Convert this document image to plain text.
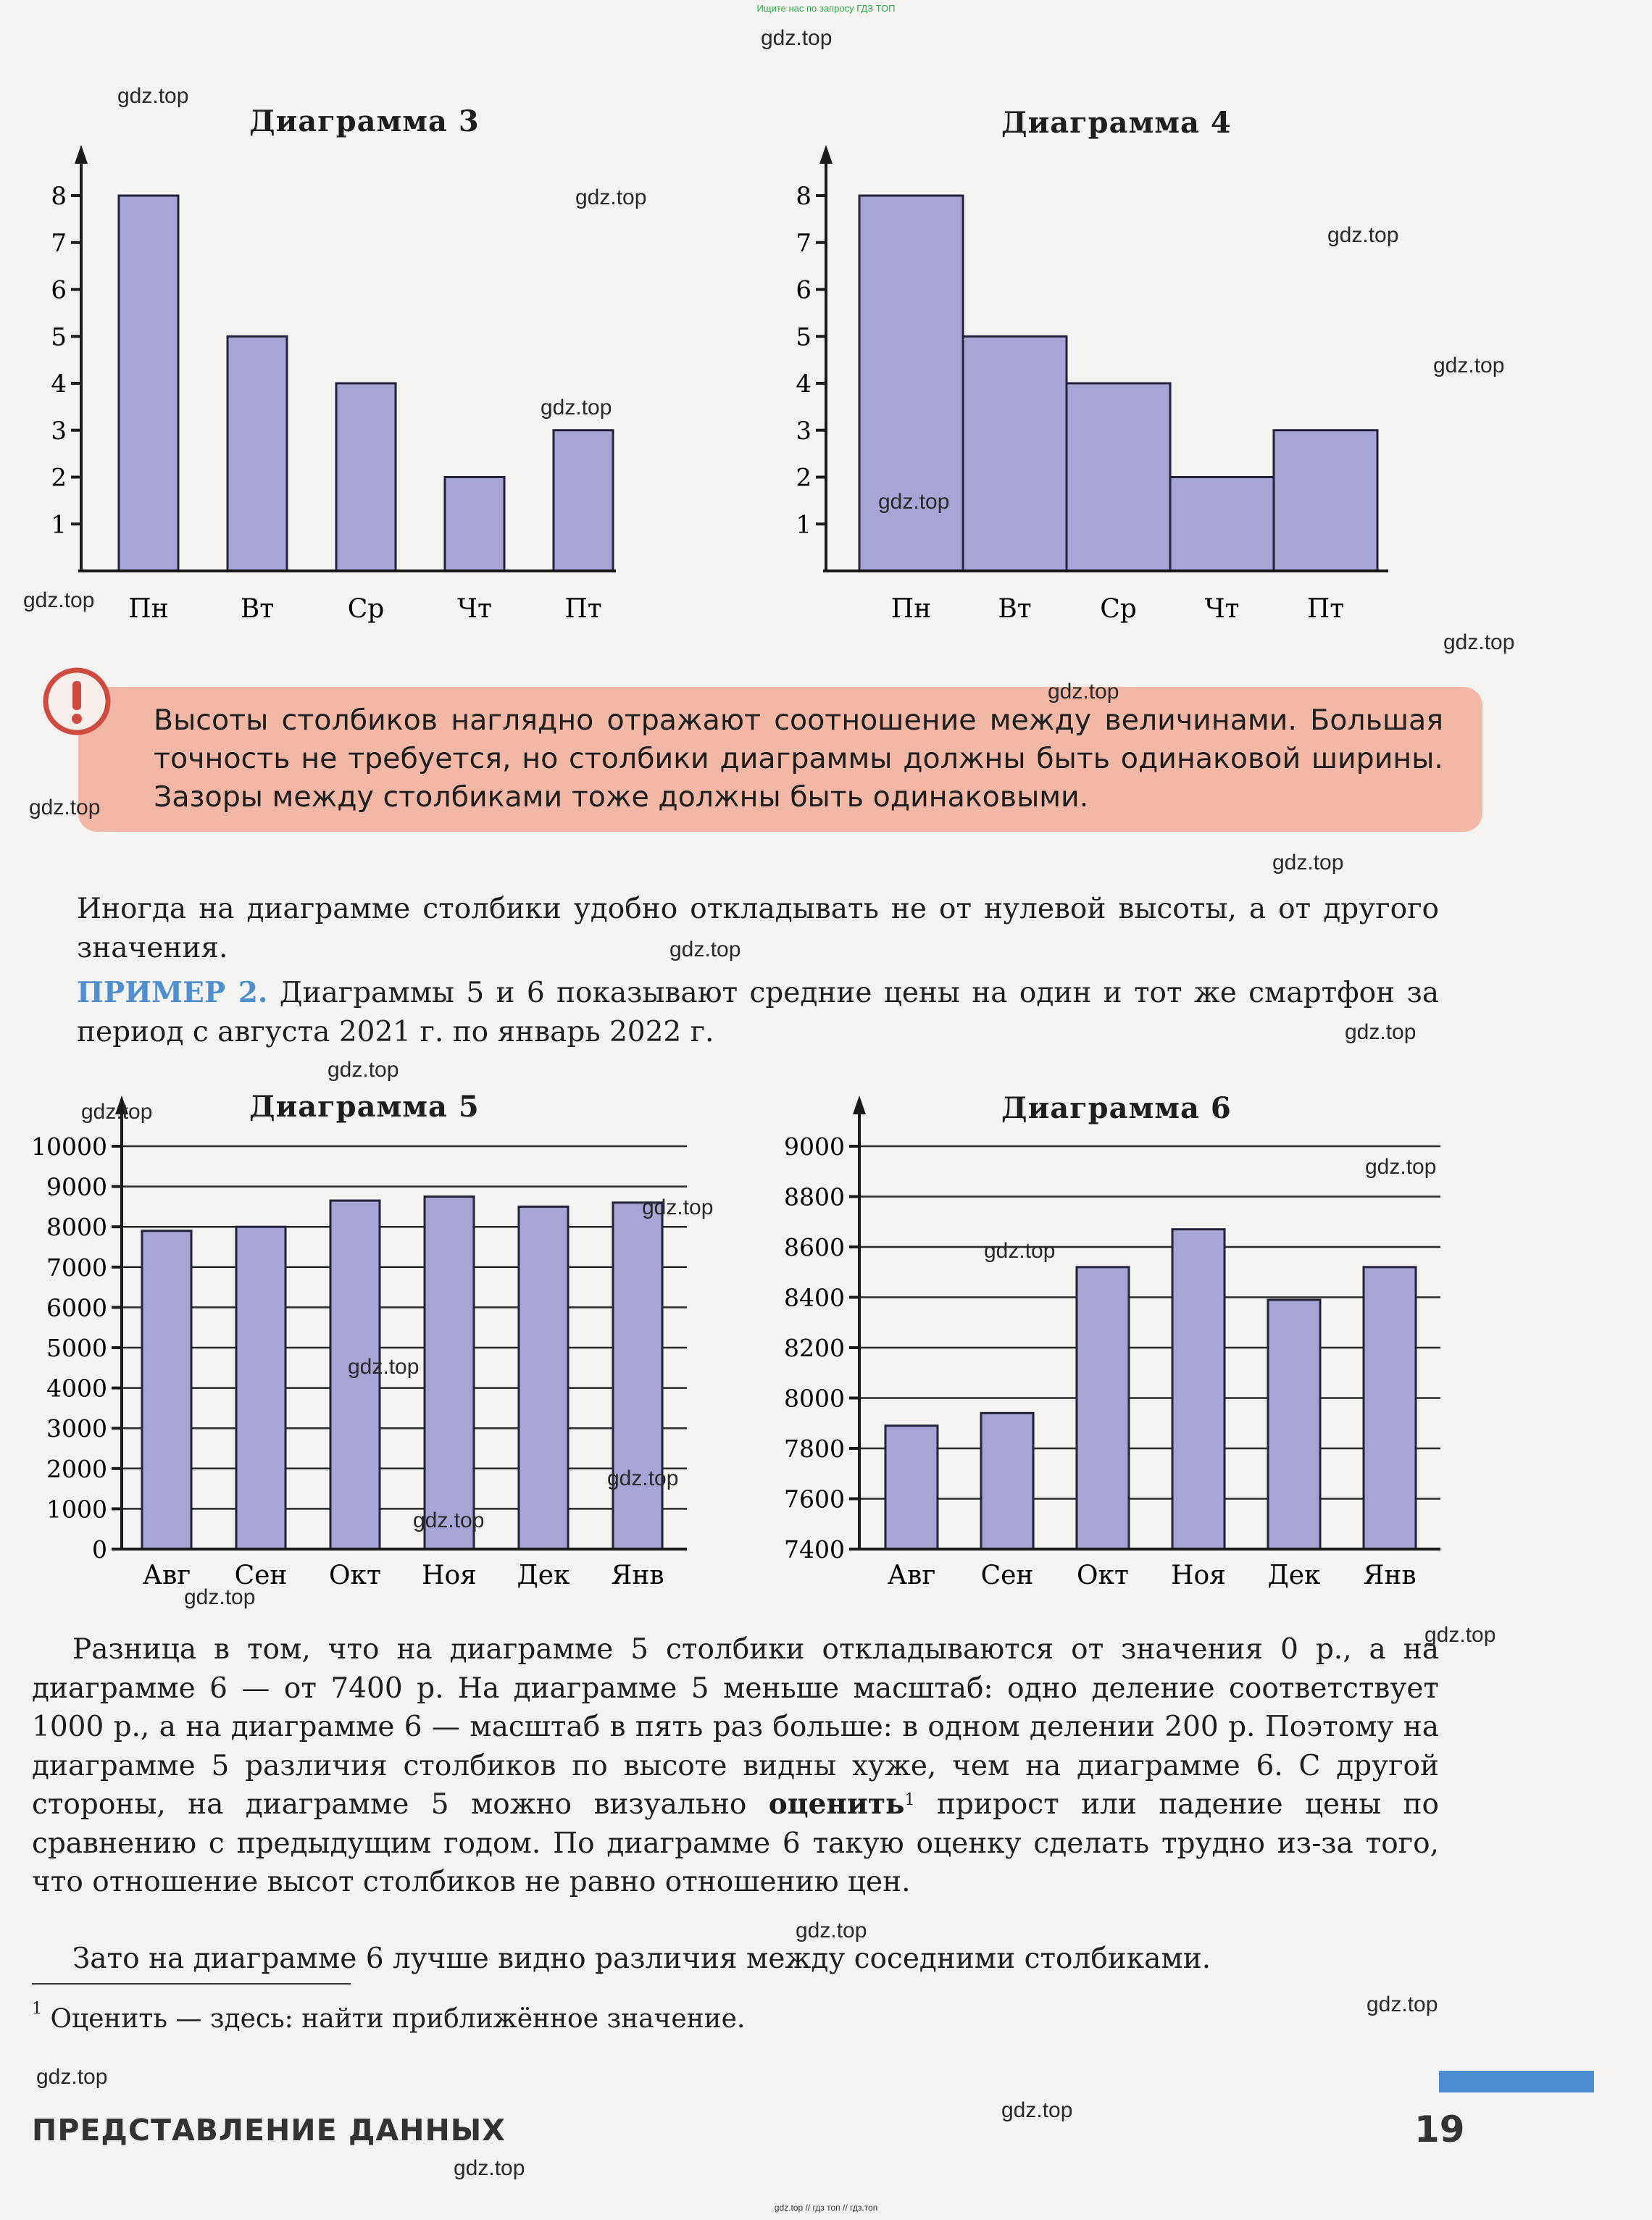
Ищите нас по запросу ГДЗ ТОП
Диаграмма 3	Диаграмма 4
Диаграмма 5	Диаграмма 6
Пн	Вт	Ср	Чт	Пт
1
2
3
4
5
6
7
8
Пн	Вт	Ср	Чт	Пт
1
2
3
4
5
6
7
8
Авг Сен Окт Ноя Дек Янв
0
1000
2000
3000
4000
5000
6000
7000
8000
9000
10000
Авг Сен Окт Ноя Дек Янв
7400
7600
7800
8000
8200
8400
8600
8800
9000
Высоты столбиков наглядно отражают соотношение между величинами. Большая точность не требуется, но столбики диаграммы должны быть одинаковой ширины. Зазоры между столбиками тоже должны быть одинаковыми.
Иногда на диаграмме столбики удобно откладывать не от нулевой высоты, а от другого значения.
ПРИМЕР 2. Диаграммы 5 и 6 показывают средние цены на один и тот же смартфон за период с августа 2021 г. по январь 2022 г.
Разница в том, что на диаграмме 5 столбики откладываются от значения 0 р., а на диаграмме 6 — от 7400 р. На диаграмме 5 меньше масштаб: одно деление соответствует 1000 р., а на диаграмме 6 — масштаб в пять раз больше: в одном делении 200 р. Поэтому на диаграмме 5 различия столбиков по высоте видны хуже, чем на диаграмме 6. С другой стороны, на диаграмме 5 можно визуально оценить$^1$ прирост или падение цены по сравнению с предыдущим годом. По диаграмме 6 такую оценку сделать трудно из-за того, что отношение высот столбиков не равно отношению цен.
Зато на диаграмме 6 лучше видно различия между соседними столбиками.
$^1$ Оценить — здесь: найти приближённое значение.
ПРЕДСТАВЛЕНИЕ ДАННЫХ	19
gdz.top // гдз топ // гдз.топ
gdz.top
gdz.top
gdz.top
gdz.top
gdz.top
gdz.top
gdz.top
gdz.top
gdz.top
gdz.top
gdz.top
gdz.top
gdz.top
gdz.top
gdz.top
gdz.top
gdz.top
gdz.top
gdz.top
gdz.top
gdz.top
gdz.top
gdz.top
gdz.top
gdz.top
gdz.top
gdz.top
gdz.top
gdz.top
